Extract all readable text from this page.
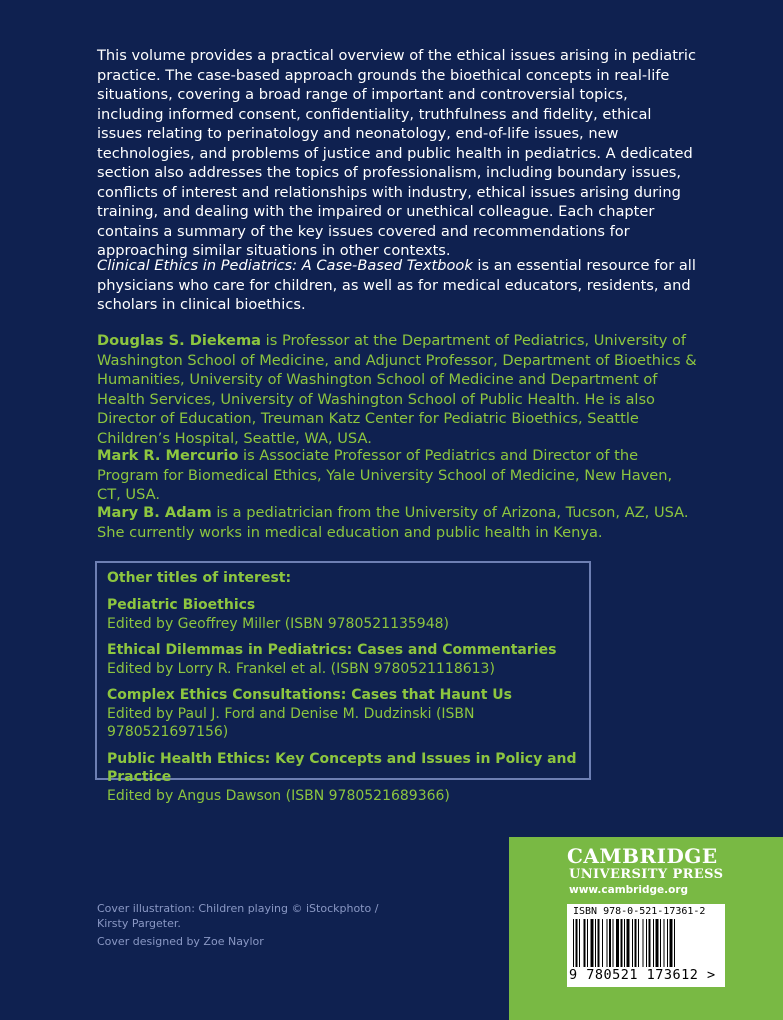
This volume provides a practical overview of the ethical issues arising in pediatric practice. The case-based approach grounds the bioethical concepts in real-life situations, covering a broad range of important and controversial topics, including informed consent, confidentiality, truthfulness and fidelity, ethical issues relating to perinatology and neonatology, end-of-life issues, new technologies, and problems of justice and public health in pediatrics. A dedicated section also addresses the topics of professionalism, including boundary issues, conflicts of interest and relationships with industry, ethical issues arising during training, and dealing with the impaired or unethical colleague. Each chapter contains a summary of the key issues covered and recommendations for approaching similar situations in other contexts.

Clinical Ethics in Pediatrics: A Case-Based Textbook is an essential resource for all physicians who care for children, as well as for medical educators, residents, and scholars in clinical bioethics.

Douglas S. Diekema is Professor at the Department of Pediatrics, University of Washington School of Medicine, and Adjunct Professor, Department of Bioethics & Humanities, University of Washington School of Medicine and Department of Health Services, University of Washington School of Public Health. He is also Director of Education, Treuman Katz Center for Pediatric Bioethics, Seattle Children’s Hospital, Seattle, WA, USA.

Mark R. Mercurio is Associate Professor of Pediatrics and Director of the Program for Biomedical Ethics, Yale University School of Medicine, New Haven, CT, USA.

Mary B. Adam is a pediatrician from the University of Arizona, Tucson, AZ, USA. She currently works in medical education and public health in Kenya.

Other titles of interest:

Pediatric Bioethics
Edited by Geoffrey Miller (ISBN 9780521135948)
Ethical Dilemmas in Pediatrics: Cases and Commentaries
Edited by Lorry R. Frankel et al. (ISBN 9780521118613)
Complex Ethics Consultations: Cases that Haunt Us
Edited by Paul J. Ford and Denise M. Dudzinski (ISBN 9780521697156)
Public Health Ethics: Key Concepts and Issues in Policy and Practice
Edited by Angus Dawson (ISBN 9780521689366)
Cover illustration: Children playing © iStockphoto / Kirsty Pargeter.
Cover designed by Zoe Naylor
CAMBRIDGE
UNIVERSITY PRESS
www.cambridge.org
ISBN 978-0-521-17361-2
9 780521 173612 >
